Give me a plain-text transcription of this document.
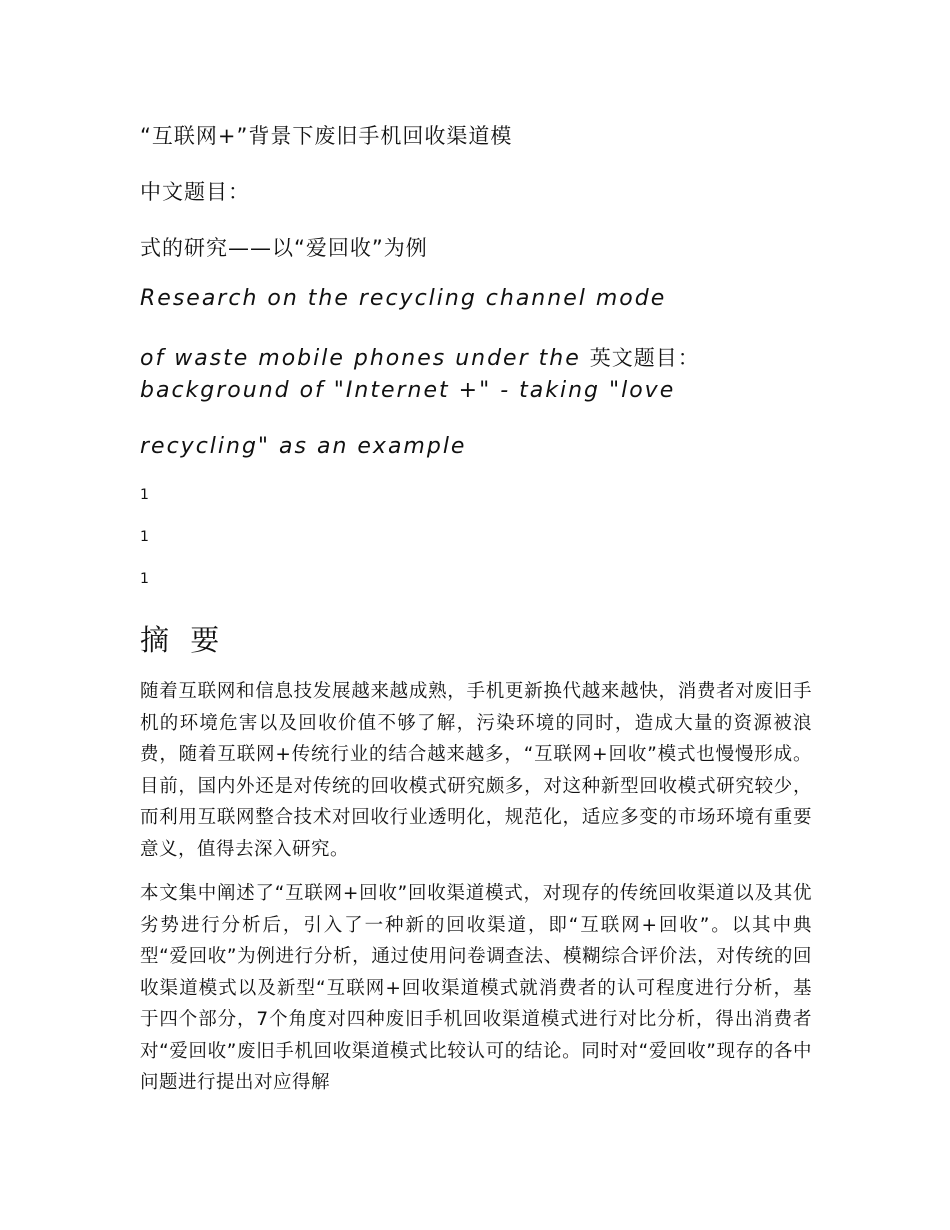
“互联网+”背景下废旧手机回收渠道模
中文题目：
式的研究——以“爱回收”为例
Research on the recycling channel mode
of waste mobile phones under the 英文题目：
background of "Internet +" - taking "love
recycling" as an example
1
1
1
摘 要
随着互联网和信息技发展越来越成熟，手机更新换代越来越快，消费者对废旧手机的环境危害以及回收价值不够了解，污染环境的同时，造成大量的资源被浪费，随着互联网+传统行业的结合越来越多，“互联网+回收”模式也慢慢形成。目前，国内外还是对传统的回收模式研究颇多，对这种新型回收模式研究较少，而利用互联网整合技术对回收行业透明化，规范化，适应多变的市场环境有重要意义，值得去深入研究。
本文集中阐述了“互联网+回收”回收渠道模式，对现存的传统回收渠道以及其优劣势进行分析后，引入了一种新的回收渠道，即“互联网+回收”。以其中典型“爱回收”为例进行分析，通过使用问卷调查法、模糊综合评价法，对传统的回收渠道模式以及新型“互联网+回收渠道模式就消费者的认可程度进行分析，基于四个部分，7个角度对四种废旧手机回收渠道模式进行对比分析，得出消费者对“爱回收”废旧手机回收渠道模式比较认可的结论。同时对“爱回收”现存的各中问题进行提出对应得解
